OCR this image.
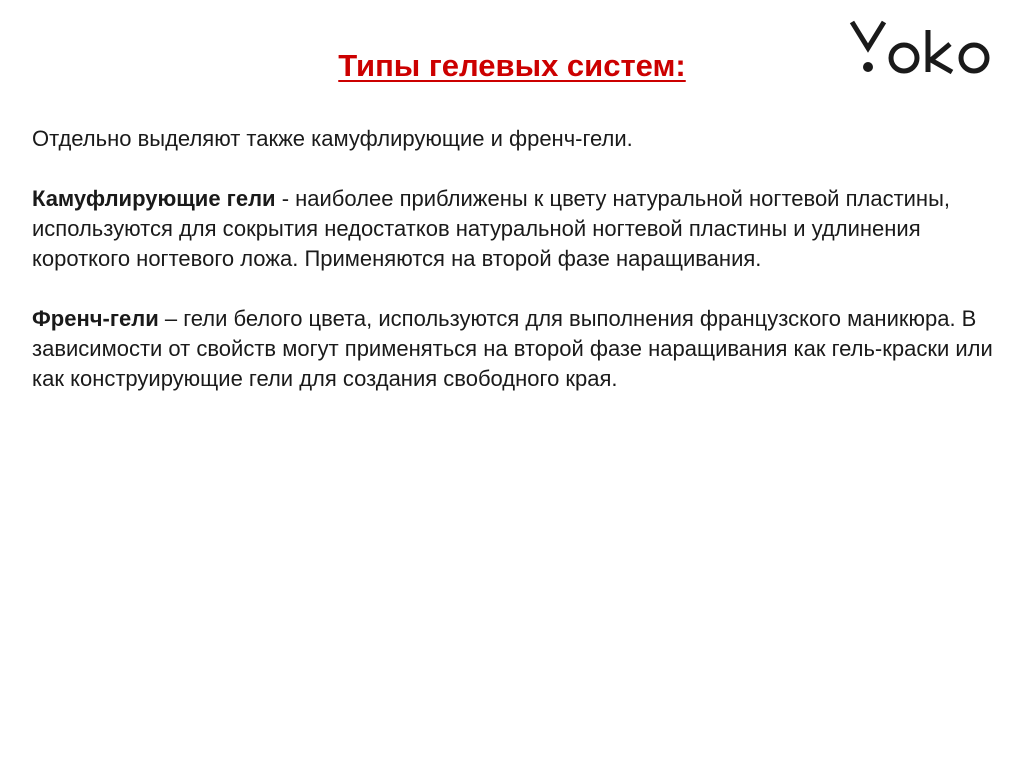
Типы гелевых систем:

Отдельно выделяют также камуфлирующие и френч-гели.

Камуфлирующие гели - наиболее приближены к цвету натуральной ногтевой пластины, используются для сокрытия недостатков натуральной ногтевой пластины и удлинения короткого ногтевого ложа. Применяются на второй фазе наращивания.

Френч-гели – гели белого цвета, используются для выполнения французского маникюра. В зависимости от свойств могут применяться на второй фазе наращивания как гель-краски или как конструирующие гели для создания свободного края.
